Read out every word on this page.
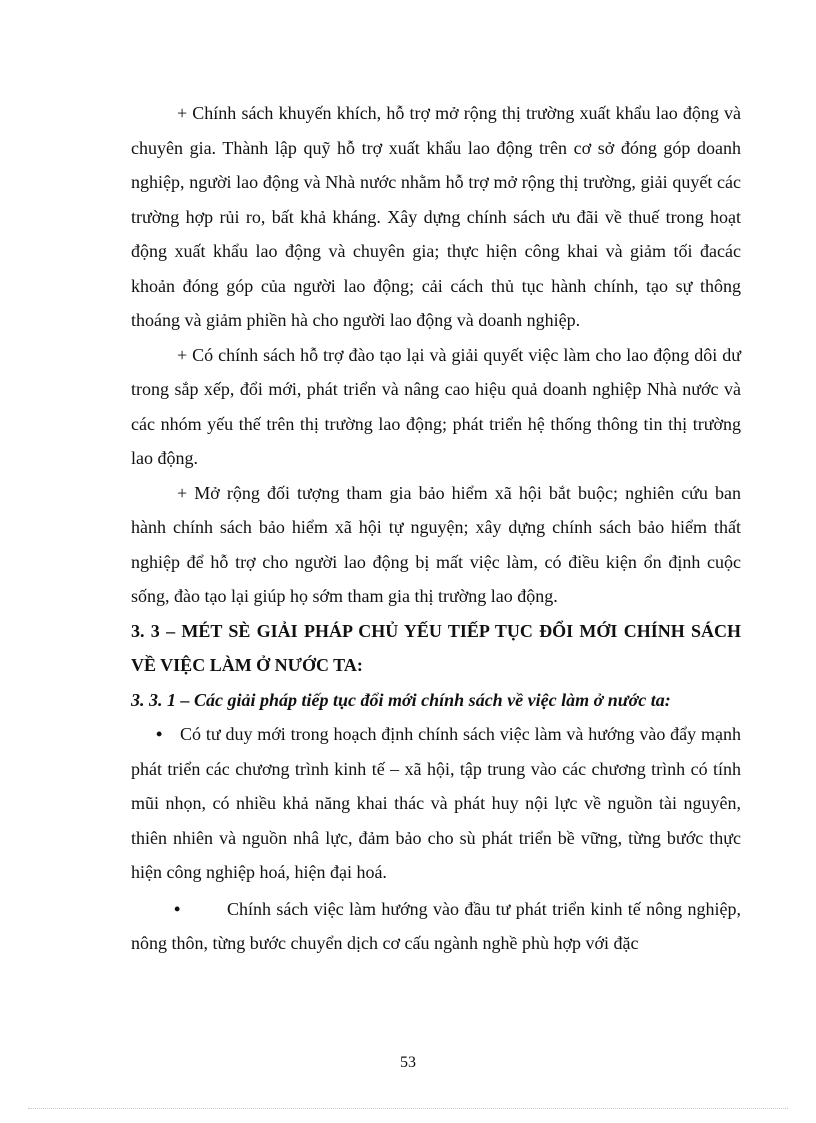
+ Chính sách khuyến khích, hỗ trợ mở rộng thị trường xuất khẩu lao động và chuyên gia. Thành lập quỹ hỗ trợ xuất khẩu lao động trên cơ sở đóng góp doanh nghiệp, người lao động và Nhà nước nhằm hỗ trợ mở rộng thị trường, giải quyết các trường hợp rủi ro, bất khả kháng. Xây dựng chính sách ưu đãi về thuế trong hoạt động xuất khẩu lao động và chuyên gia; thực hiện công khai và giảm tối đacác khoản đóng góp của người lao động; cải cách thủ tục hành chính, tạo sự thông thoáng và giảm phiền hà cho người lao động và doanh nghiệp.

+ Có chính sách hỗ trợ đào tạo lại và giải quyết việc làm cho lao động dôi dư trong sắp xếp, đổi mới, phát triển và nâng cao hiệu quả doanh nghiệp Nhà nước và các nhóm yếu thế trên thị trường lao động; phát triển hệ thống thông tin thị trường lao động.

+ Mở rộng đối tượng tham gia bảo hiểm xã hội bắt buộc; nghiên cứu ban hành chính sách bảo hiểm xã hội tự nguyện; xây dựng chính sách bảo hiểm thất nghiệp để hỗ trợ cho người lao động bị mất việc làm, có điều kiện ổn định cuộc sống, đào tạo lại giúp họ sớm tham gia thị trường lao động.

3. 3 – MÉT SÈ GIẢI PHÁP CHỦ YẾU TIẾP TỤC ĐỔI MỚI CHÍNH SÁCH VỀ VIỆC LÀM Ở NƯỚC TA:

3. 3. 1 – Các giải pháp tiếp tục đổi mới chính sách về việc làm ở nước ta:

• Có tư duy mới trong hoạch định chính sách việc làm và hướng vào đẩy mạnh phát triển các chương trình kinh tế – xã hội, tập trung vào các chương trình có tính mũi nhọn, có nhiều khả năng khai thác và phát huy nội lực về nguồn tài nguyên, thiên nhiên và nguồn nhâ lực, đảm bảo cho sù phát triển bề vững, từng bước thực hiện công nghiệp hoá, hiện đại hoá.

•	Chính sách việc làm hướng vào đầu tư phát triển kinh tế nông nghiệp, nông thôn, từng bước chuyển dịch cơ cấu ngành nghề phù hợp với đặc

53
